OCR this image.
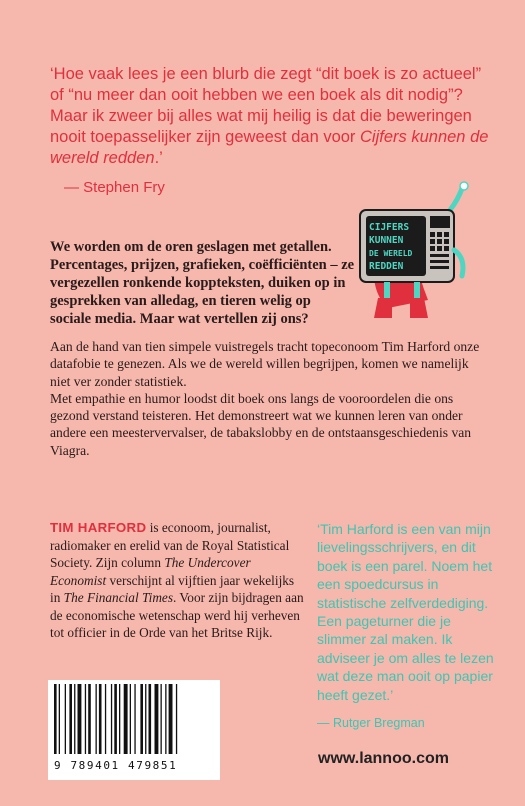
‘Hoe vaak lees je een blurb die zegt “dit boek is zo actueel” of “nu meer dan ooit hebben we een boek als dit nodig”? Maar ik zweer bij alles wat mij heilig is dat die beweringen nooit toepasselijker zijn geweest dan voor Cijfers kunnen de wereld redden.’
— Stephen Fry
CIJFERS
KUNNEN
DE WERELD
REDDEN
We worden om de oren geslagen met getallen. Percentages, prijzen, grafieken, coëfficiënten – ze vergezellen ronkende koppteksten, duiken op in gesprekken van alledag, en tieren welig op sociale media. Maar wat vertellen zij ons?

Aan de hand van tien simpele vuistregels tracht topeconoom Tim Harford onze datafobie te genezen. Als we de wereld willen begrijpen, komen we namelijk niet ver zonder statistiek.

Met empathie en humor loodst dit boek ons langs de vooroordelen die ons gezond verstand teisteren. Het demonstreert wat we kunnen leren van onder andere een meestervervalser, de tabakslobby en de ontstaansgeschiedenis van Viagra.

TIM HARFORD is econoom, journalist, radiomaker en erelid van de Royal Statistical Society. Zijn column The Undercover Economist verschijnt al vijftien jaar wekelijks in The Financial Times. Voor zijn bijdragen aan de economische wetenschap werd hij verheven tot officier in de Orde van het Britse Rijk.
‘Tim Harford is een van mijn lievelingsschrijvers, en dit boek is een parel. Noem het een spoedcursus in statistische zelfverdediging. Een pageturner die je slimmer zal maken. Ik adviseer je om alles te lezen wat deze man ooit op papier heeft gezet.’
— Rutger Bregman
9 789401 479851	www.lannoo.com
